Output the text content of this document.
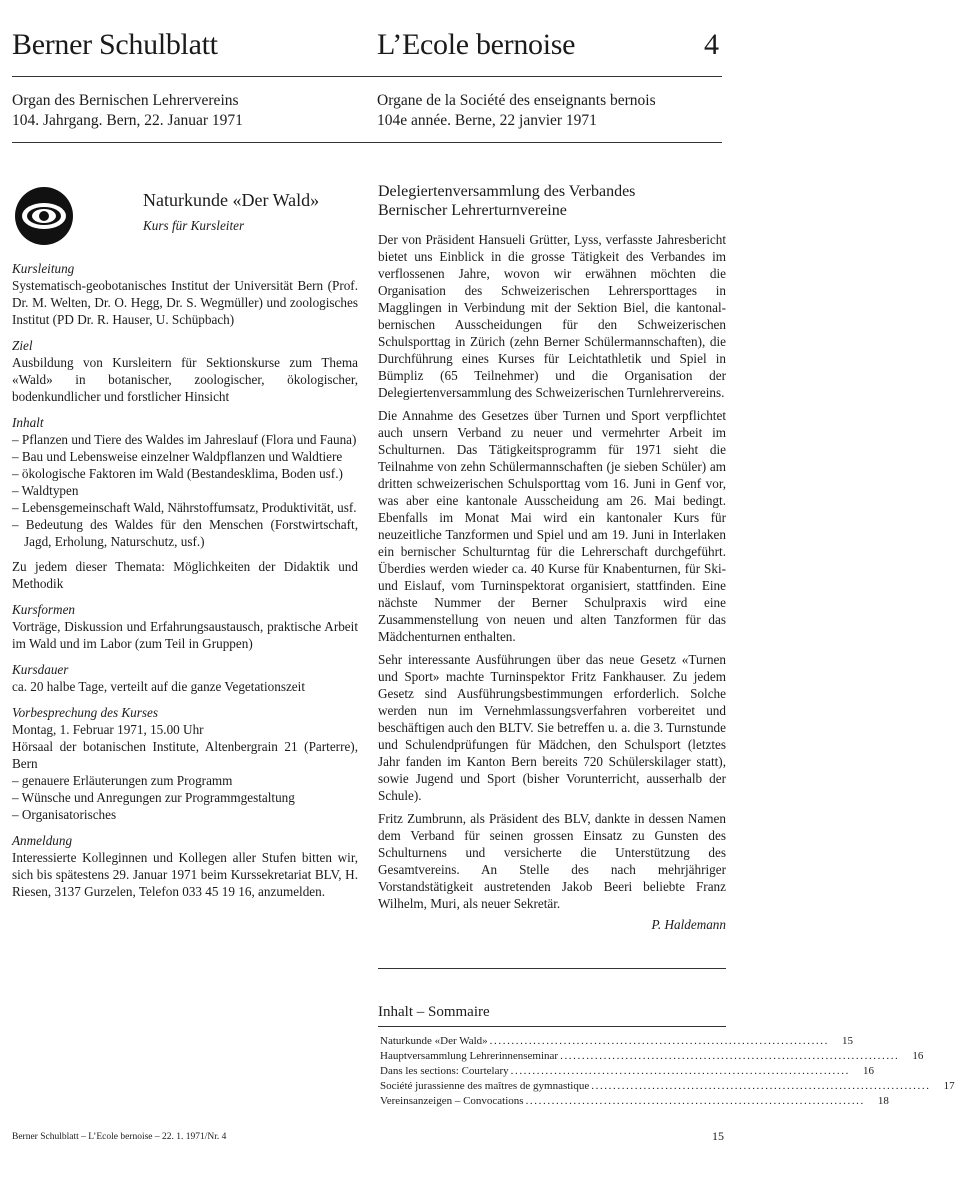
Berner Schulblatt	L’Ecole bernoise	4
Organ des Bernischen Lehrervereins
104. Jahrgang. Bern, 22. Januar 1971
Organe de la Société des enseignants bernois
104e année. Berne, 22 janvier 1971
Naturkunde «Der Wald»
Kurs für Kursleiter

Kursleitung

Systematisch-geobotanisches Institut der Universität Bern (Prof. Dr. M. Welten, Dr. O. Hegg, Dr. S. Wegmüller) und zoologisches Institut (PD Dr. R. Hauser, U. Schüpbach)

Ziel

Ausbildung von Kursleitern für Sektionskurse zum Thema «Wald» in botanischer, zoologischer, ökologischer, bodenkundlicher und forstlicher Hinsicht

Inhalt

– Pflanzen und Tiere des Waldes im Jahreslauf (Flora und Fauna)

– Bau und Lebensweise einzelner Waldpflanzen und Waldtiere

– ökologische Faktoren im Wald (Bestandesklima, Boden usf.)

– Waldtypen

– Lebensgemeinschaft Wald, Nährstoffumsatz, Produktivität, usf.

– Bedeutung des Waldes für den Menschen (Forstwirtschaft, Jagd, Erholung, Naturschutz, usf.)

Zu jedem dieser Themata: Möglichkeiten der Didaktik und Methodik

Kursformen

Vorträge, Diskussion und Erfahrungsaustausch, praktische Arbeit im Wald und im Labor (zum Teil in Gruppen)

Kursdauer

ca. 20 halbe Tage, verteilt auf die ganze Vegetationszeit

Vorbesprechung des Kurses

Montag, 1. Februar 1971, 15.00 Uhr

Hörsaal der botanischen Institute, Altenbergrain 21 (Parterre), Bern

– genauere Erläuterungen zum Programm

– Wünsche und Anregungen zur Programmgestaltung

– Organisatorisches

Anmeldung

Interessierte Kolleginnen und Kollegen aller Stufen bitten wir, sich bis spätestens 29. Januar 1971 beim Kurssekretariat BLV, H. Riesen, 3137 Gurzelen, Telefon 033 45 19 16, anzumelden.

Delegiertenversammlung des Verbandes
Bernischer Lehrerturnvereine

Der von Präsident Hansueli Grütter, Lyss, verfasste Jahresbericht bietet uns Einblick in die grosse Tätigkeit des Verbandes im verflossenen Jahre, wovon wir erwähnen möchten die Organisation des Schweizerischen Lehrersporttages in Magglingen in Verbindung mit der Sektion Biel, die kantonal-bernischen Ausscheidungen für den Schweizerischen Schulsporttag in Zürich (zehn Berner Schülermannschaften), die Durchführung eines Kurses für Leichtathletik und Spiel in Bümpliz (65 Teilnehmer) und die Organisation der Delegiertenversammlung des Schweizerischen Turnlehrervereins.

Die Annahme des Gesetzes über Turnen und Sport verpflichtet auch unsern Verband zu neuer und vermehrter Arbeit im Schulturnen. Das Tätigkeitsprogramm für 1971 sieht die Teilnahme von zehn Schülermannschaften (je sieben Schüler) am dritten schweizerischen Schulsporttag vom 16. Juni in Genf vor, was aber eine kantonale Ausscheidung am 26. Mai bedingt. Ebenfalls im Monat Mai wird ein kantonaler Kurs für neuzeitliche Tanzformen und Spiel und am 19. Juni in Interlaken ein bernischer Schulturntag für die Lehrerschaft durchgeführt. Überdies werden wieder ca. 40 Kurse für Knabenturnen, für Ski- und Eislauf, vom Turninspektorat organisiert, stattfinden. Eine nächste Nummer der Berner Schulpraxis wird eine Zusammenstellung von neuen und alten Tanzformen für das Mädchenturnen enthalten.

Sehr interessante Ausführungen über das neue Gesetz «Turnen und Sport» machte Turninspektor Fritz Fankhauser. Zu jedem Gesetz sind Ausführungsbestimmungen erforderlich. Solche werden nun im Vernehmlassungsverfahren vorbereitet und beschäftigen auch den BLTV. Sie betreffen u. a. die 3. Turnstunde und Schulendprüfungen für Mädchen, den Schulsport (letztes Jahr fanden im Kanton Bern bereits 720 Schülerskilager statt), sowie Jugend und Sport (bisher Vorunterricht, ausserhalb der Schule).

Fritz Zumbrunn, als Präsident des BLV, dankte in dessen Namen dem Verband für seinen grossen Einsatz zu Gunsten des Schulturnens und versicherte die Unterstützung des Gesamtvereins. An Stelle des nach mehrjähriger Vorstandstätigkeit austretenden Jakob Beeri beliebte Franz Wilhelm, Muri, als neuer Sekretär.

P. Haldemann

Inhalt – Sommaire
Naturkunde «Der Wald» ..............................................................................	15
Hauptversammlung Lehrerinnenseminar ..............................................................................	16
Dans les sections: Courtelary ..............................................................................	16
Société jurassienne des maîtres de gymnastique ..............................................................................	17
Vereinsanzeigen – Convocations ..............................................................................	18
Berner Schulblatt – L’Ecole bernoise – 22. 1. 1971/Nr. 4	15
